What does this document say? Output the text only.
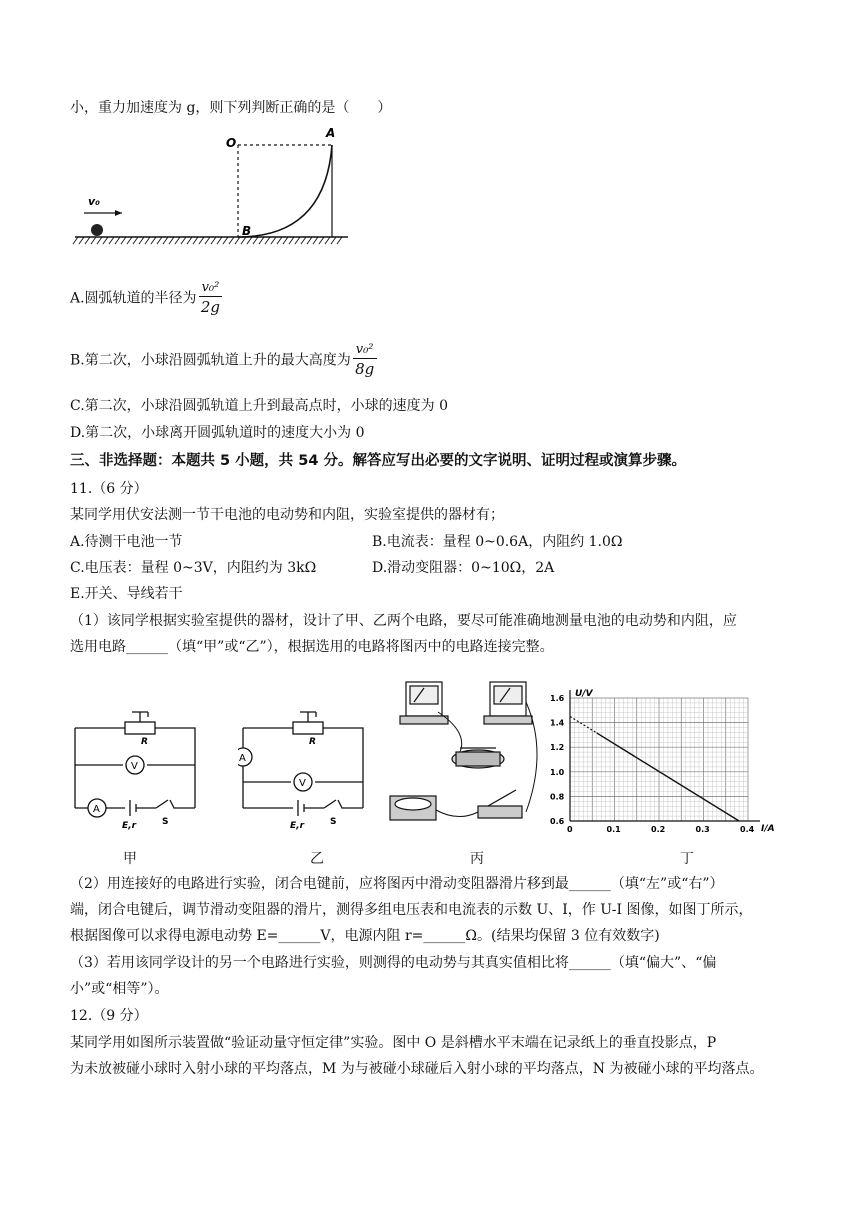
小，重力加速度为 g，则下列判断正确的是（　　）
O
A
B
v₀
A.圆弧轨道的半径为 $\frac{\text{v₀²}}{2g}$
B.第二次，小球沿圆弧轨道上升的最大高度为 $\frac{\text{v₀²}}{8g}$
C.第二次，小球沿圆弧轨道上升到最高点时，小球的速度为 0
D.第二次，小球离开圆弧轨道时的速度大小为 0
三、非选择题：本题共 5 小题，共 54 分。解答应写出必要的文字说明、证明过程或演算步骤。
11.（6 分）
某同学用伏安法测一节干电池的电动势和内阻，实验室提供的器材有；
A.待测干电池一节	B.电流表：量程 0~0.6A，内阻约 1.0Ω
C.电压表：量程 0~3V，内阻约为 3kΩ	D.滑动变阻器：0~10Ω，2A
E.开关、导线若干
（1）该同学根据实验室提供的器材，设计了甲、乙两个电路，要尽可能准确地测量电池的电动势和内阻，应
选用电路______（填“甲”或“乙”），根据选用的电路将图丙中的电路连接完整。
R
V
A
E,r	S
A
R
V
E,r	S
U/V
I/A
0	0.1	0.2	0.3	0.4
0.6
0.8
1.0
1.2
1.4
1.6
甲	乙	丙	丁
（2）用连接好的电路进行实验，闭合电键前，应将图丙中滑动变阻器滑片移到最______（填“左”或“右”）
端，闭合电键后，调节滑动变阻器的滑片，测得多组电压表和电流表的示数 U、I，作 U-I 图像，如图丁所示，
根据图像可以求得电源电动势 E=______V，电源内阻 r=______Ω。(结果均保留 3 位有效数字)
（3）若用该同学设计的另一个电路进行实验，则测得的电动势与其真实值相比将______（填“偏大”、“偏
小”或“相等”）。
12.（9 分）
某同学用如图所示装置做“验证动量守恒定律”实验。图中 O 是斜槽水平末端在记录纸上的垂直投影点，P
为未放被碰小球时入射小球的平均落点，M 为与被碰小球碰后入射小球的平均落点，N 为被碰小球的平均落点。
